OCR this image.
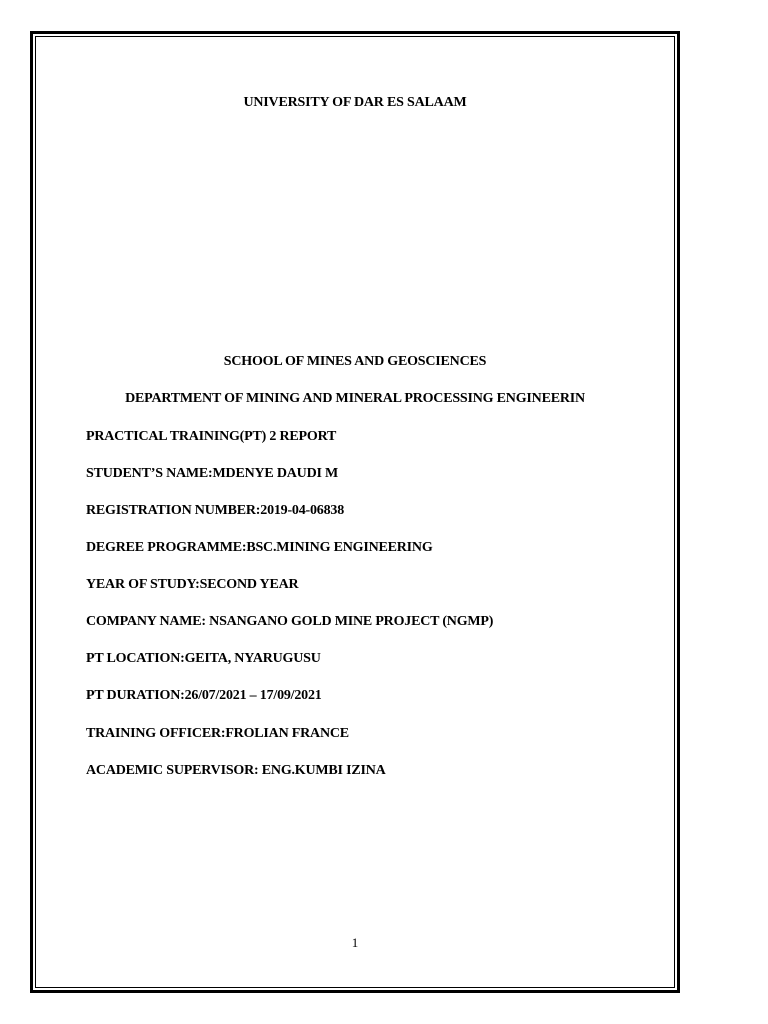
UNIVERSITY OF DAR ES SALAAM
SCHOOL OF MINES AND GEOSCIENCES
DEPARTMENT OF MINING AND MINERAL PROCESSING ENGINEERIN
PRACTICAL TRAINING(PT) 2 REPORT
STUDENT’S NAME:MDENYE DAUDI M
REGISTRATION NUMBER:2019-04-06838
DEGREE PROGRAMME:BSC.MINING ENGINEERING
YEAR OF STUDY:SECOND YEAR
COMPANY NAME: NSANGANO GOLD MINE PROJECT (NGMP)
PT LOCATION:GEITA, NYARUGUSU
PT DURATION:26/07/2021 – 17/09/2021
TRAINING OFFICER:FROLIAN FRANCE
ACADEMIC SUPERVISOR: ENG.KUMBI IZINA
1
